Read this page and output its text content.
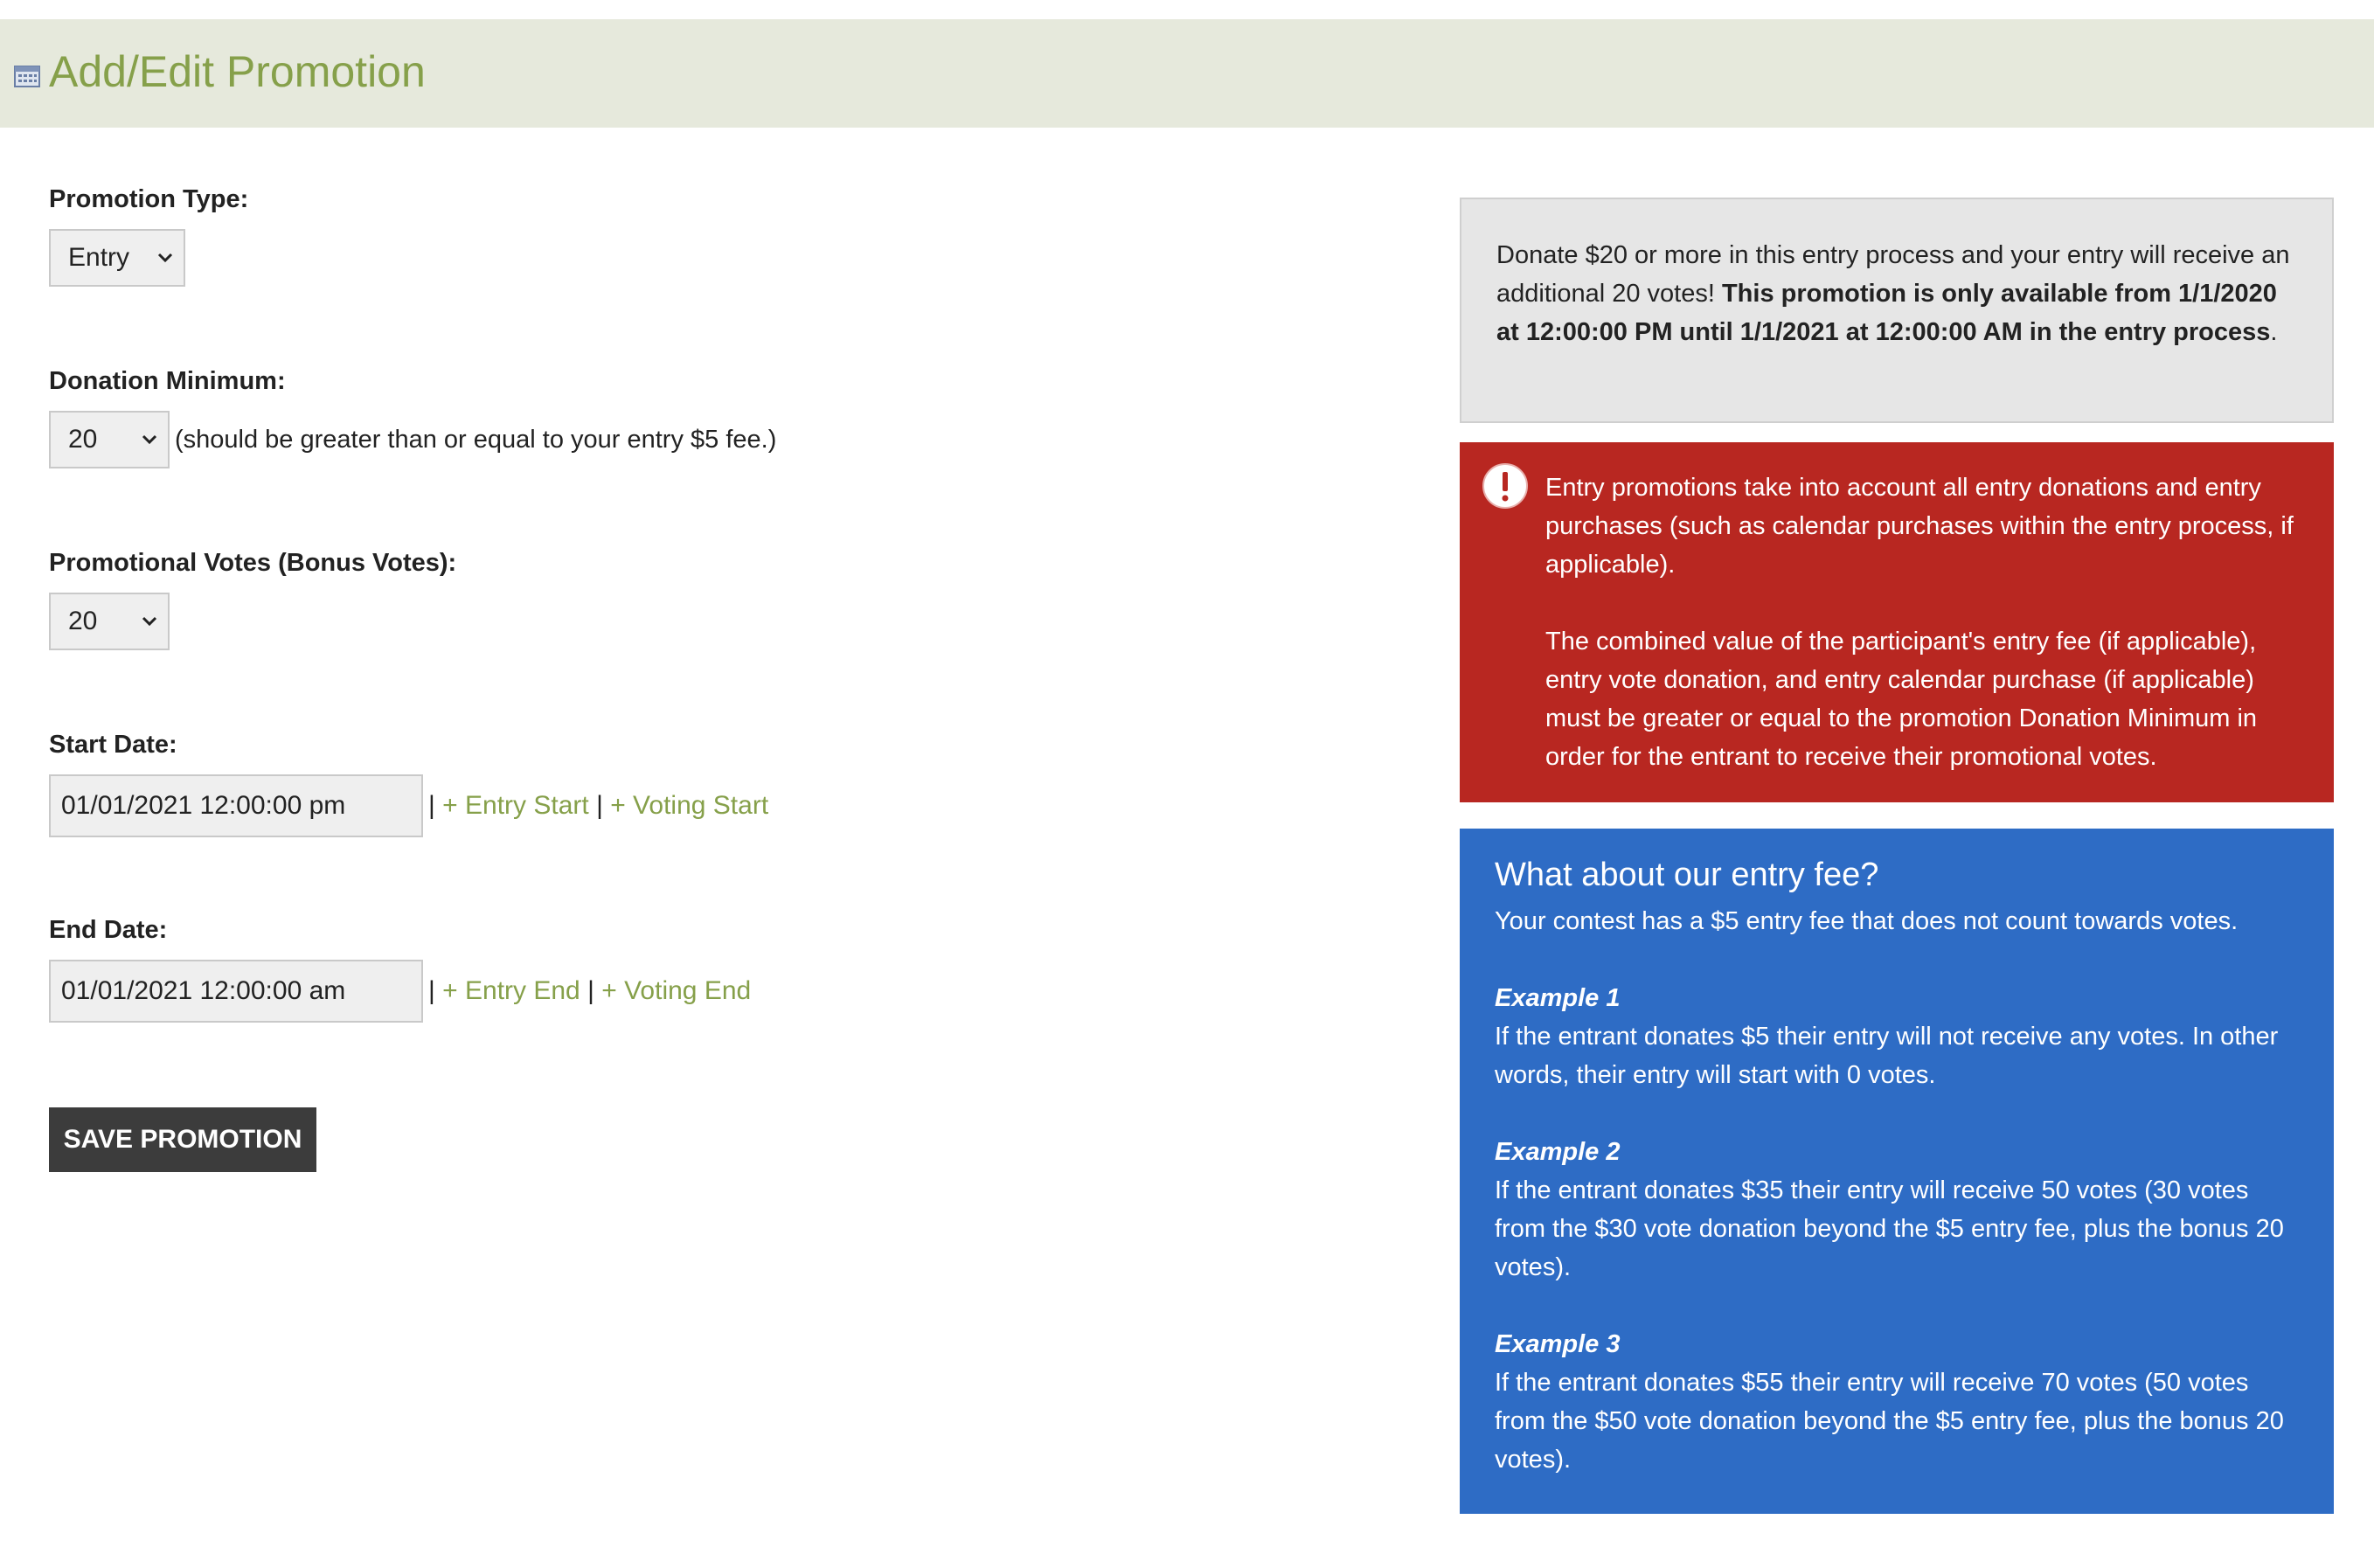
Add/Edit Promotion
Promotion Type:
Entry
Donation Minimum:
20	(should be greater than or equal to your entry $5 fee.)
Promotional Votes (Bonus Votes):
20
Start Date:
01/01/2021 12:00:00 pm	| + Entry Start | + Voting Start
End Date:
01/01/2021 12:00:00 am	| + Entry End | + Voting End
SAVE PROMOTION
Donate $20 or more in this entry process and your entry will receive an additional 20 votes! This promotion is only available from 1/1/2020 at 12:00:00 PM until 1/1/2021 at 12:00:00 AM in the entry process.

Entry promotions take into account all entry donations and entry purchases (such as calendar purchases within the entry process, if applicable).

The combined value of the participant's entry fee (if applicable), entry vote donation, and entry calendar purchase (if applicable) must be greater or equal to the promotion Donation Minimum in order for the entrant to receive their promotional votes.

What about our entry fee?

Your contest has a $5 entry fee that does not count towards votes.

Example 1
If the entrant donates $5 their entry will not receive any votes. In other words, their entry will start with 0 votes.

Example 2
If the entrant donates $35 their entry will receive 50 votes (30 votes from the $30 vote donation beyond the $5 entry fee, plus the bonus 20 votes).

Example 3
If the entrant donates $55 their entry will receive 70 votes (50 votes from the $50 vote donation beyond the $5 entry fee, plus the bonus 20 votes).
